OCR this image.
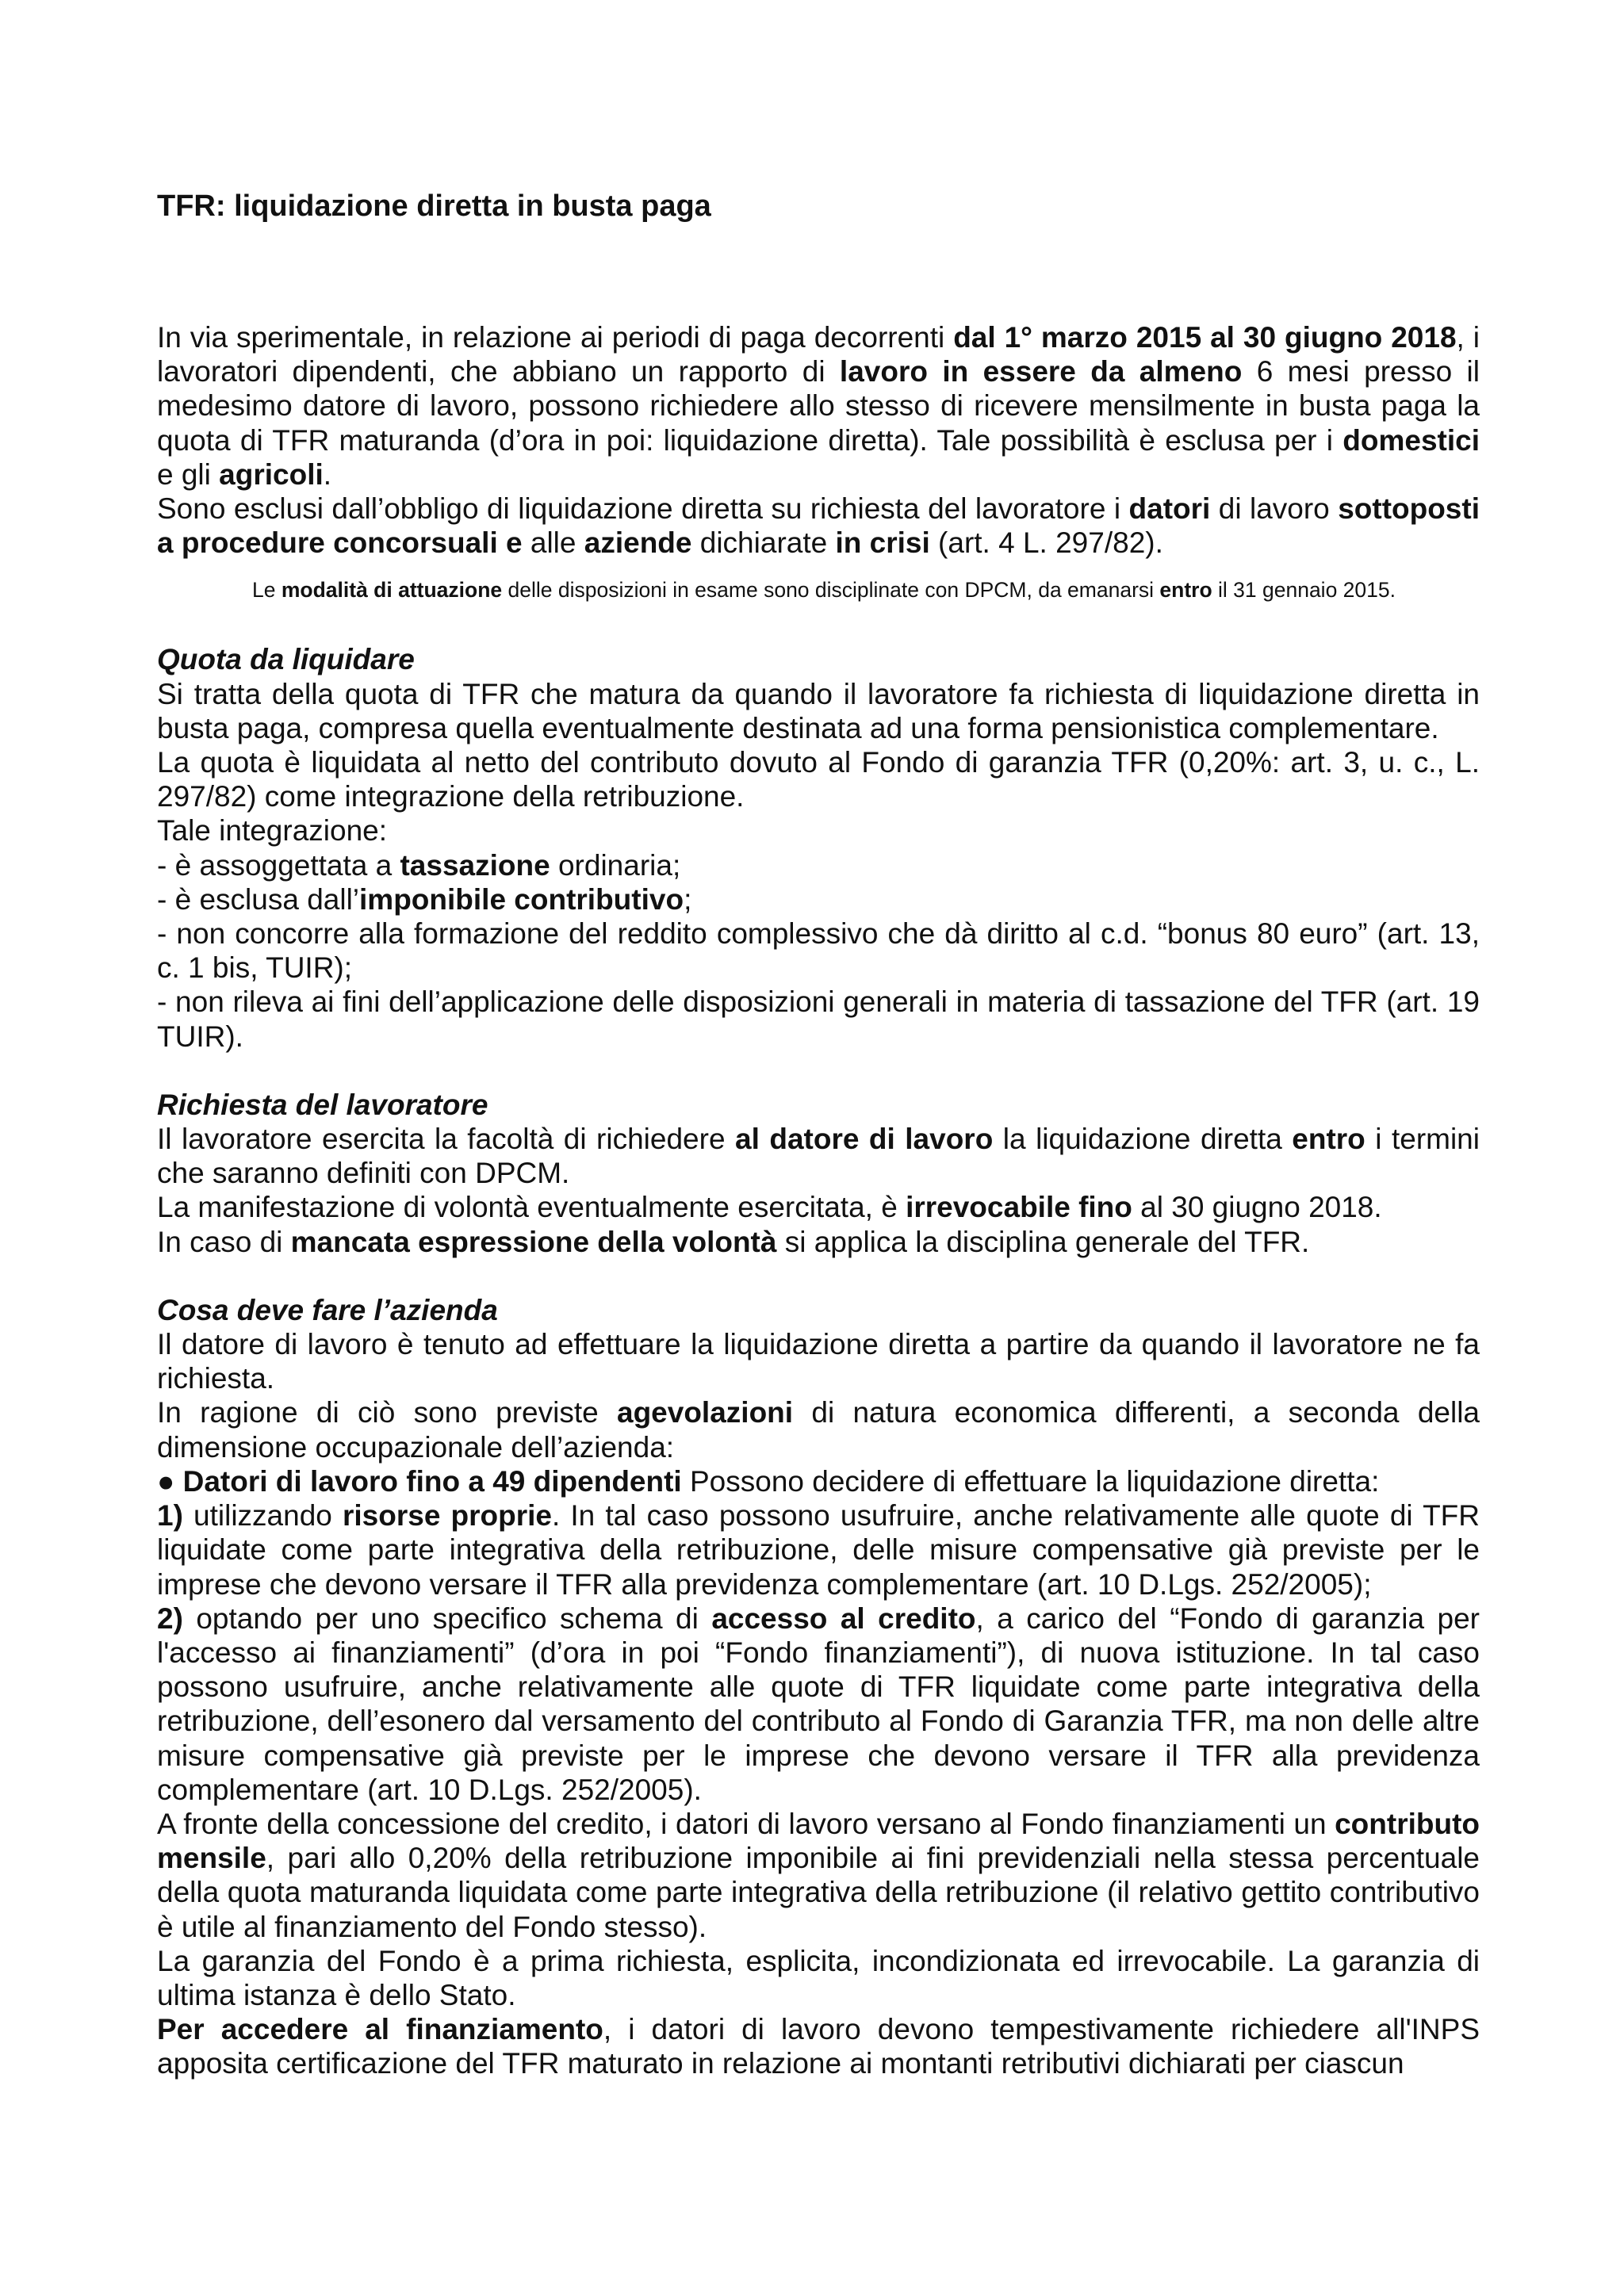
TFR: liquidazione diretta in busta paga

In via sperimentale, in relazione ai periodi di paga decorrenti dal 1° marzo 2015 al 30 giugno 2018, i lavoratori dipendenti, che abbiano un rapporto di lavoro in essere da almeno 6 mesi presso il medesimo datore di lavoro, possono richiedere allo stesso di ricevere mensilmente in busta paga la quota di TFR maturanda (d’ora in poi: liquidazione diretta). Tale possibilità è esclusa per i domestici e gli agricoli.

Sono esclusi dall’obbligo di liquidazione diretta su richiesta del lavoratore i datori di lavoro sottoposti a procedure concorsuali e alle aziende dichiarate in crisi (art. 4 L. 297/82).

Le modalità di attuazione delle disposizioni in esame sono disciplinate con DPCM, da emanarsi entro il 31 gennaio 2015.

Quota da liquidare

Si tratta della quota di TFR che matura da quando il lavoratore fa richiesta di liquidazione diretta in busta paga, compresa quella eventualmente destinata ad una forma pensionistica complementare.

La quota è liquidata al netto del contributo dovuto al Fondo di garanzia TFR (0,20%: art. 3, u. c., L. 297/82) come integrazione della retribuzione.

Tale integrazione:

- è assoggettata a tassazione ordinaria;

- è esclusa dall’imponibile contributivo;

- non concorre alla formazione del reddito complessivo che dà diritto al c.d. “bonus 80 euro” (art. 13, c. 1 bis, TUIR);

- non rileva ai fini dell’applicazione delle disposizioni generali in materia di tassazione del TFR (art. 19 TUIR).

Richiesta del lavoratore

Il lavoratore esercita la facoltà di richiedere al datore di lavoro la liquidazione diretta entro i termini che saranno definiti con DPCM.

La manifestazione di volontà eventualmente esercitata, è irrevocabile fino al 30 giugno 2018.

In caso di mancata espressione della volontà si applica la disciplina generale del TFR.

Cosa deve fare l’azienda

Il datore di lavoro è tenuto ad effettuare la liquidazione diretta a partire da quando il lavoratore ne fa richiesta.

In ragione di ciò sono previste agevolazioni di natura economica differenti, a seconda della dimensione occupazionale dell’azienda:

● Datori di lavoro fino a 49 dipendenti Possono decidere di effettuare la liquidazione diretta:

1) utilizzando risorse proprie. In tal caso possono usufruire, anche relativamente alle quote di TFR liquidate come parte integrativa della retribuzione, delle misure compensative già previste per le imprese che devono versare il TFR alla previdenza complementare (art. 10 D.Lgs. 252/2005);

2) optando per uno specifico schema di accesso al credito, a carico del “Fondo di garanzia per l'accesso ai finanziamenti” (d’ora in poi “Fondo finanziamenti”), di nuova istituzione. In tal caso possono usufruire, anche relativamente alle quote di TFR liquidate come parte integrativa della retribuzione, dell’esonero dal versamento del contributo al Fondo di Garanzia TFR, ma non delle altre misure compensative già previste per le imprese che devono versare il TFR alla previdenza complementare (art. 10 D.Lgs. 252/2005).

A fronte della concessione del credito, i datori di lavoro versano al Fondo finanziamenti un contributo mensile, pari allo 0,20% della retribuzione imponibile ai fini previdenziali nella stessa percentuale della quota maturanda liquidata come parte integrativa della retribuzione (il relativo gettito contributivo è utile al finanziamento del Fondo stesso).

La garanzia del Fondo è a prima richiesta, esplicita, incondizionata ed irrevocabile. La garanzia di ultima istanza è dello Stato.

Per accedere al finanziamento, i datori di lavoro devono tempestivamente richiedere all'INPS apposita certificazione del TFR maturato in relazione ai montanti retributivi dichiarati per ciascun
